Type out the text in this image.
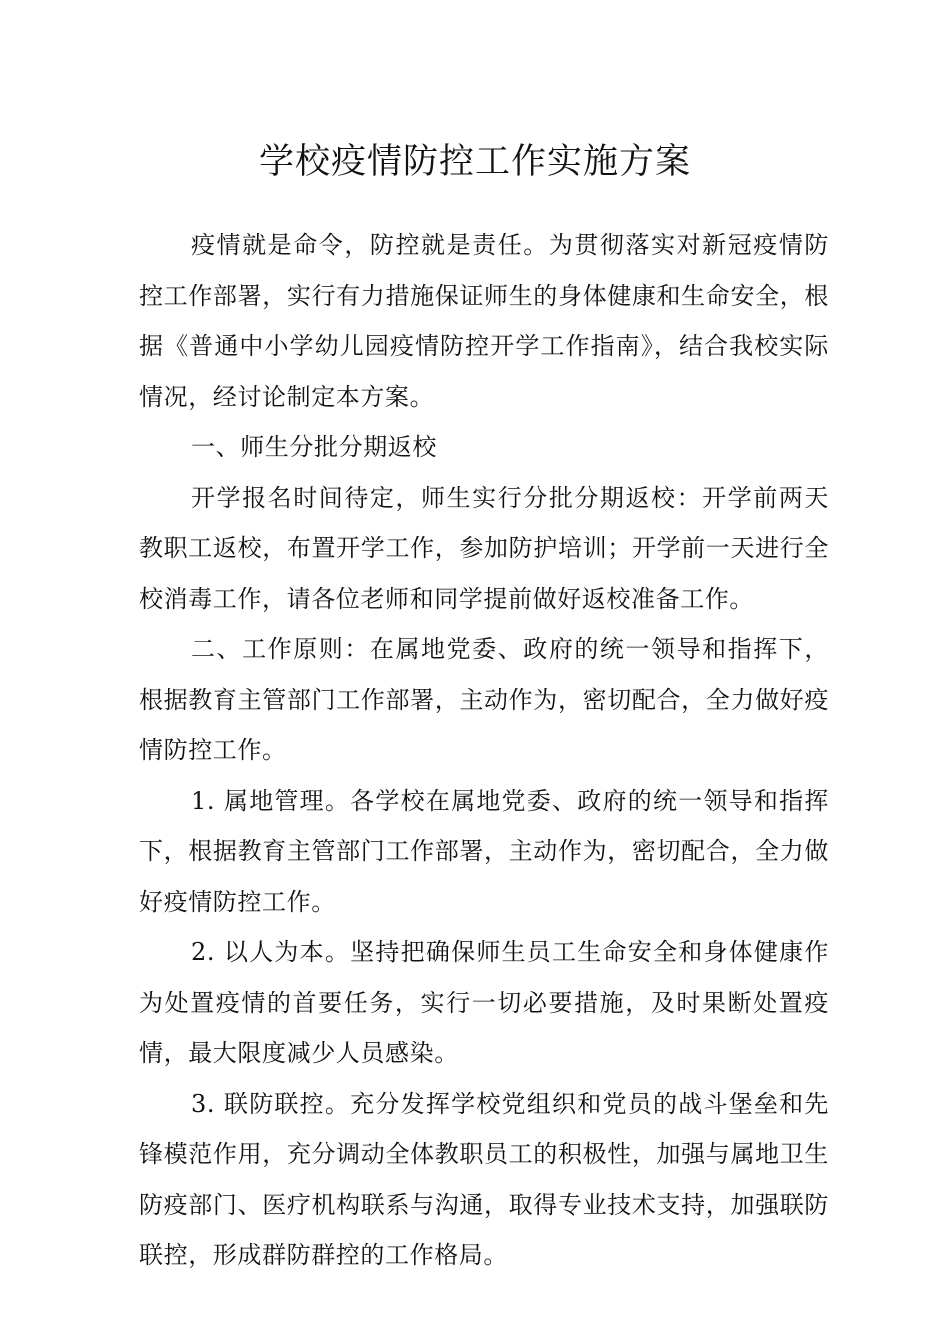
学校疫情防控工作实施方案

疫情就是命令，防控就是责任。为贯彻落实对新冠疫情防控工作部署，实行有力措施保证师生的身体健康和生命安全，根据《普通中小学幼儿园疫情防控开学工作指南》，结合我校实际情况，经讨论制定本方案。

一、师生分批分期返校

开学报名时间待定，师生实行分批分期返校：开学前两天教职工返校，布置开学工作，参加防护培训；开学前一天进行全校消毒工作，请各位老师和同学提前做好返校准备工作。

二、工作原则：在属地党委、政府的统一领导和指挥下，根据教育主管部门工作部署，主动作为，密切配合，全力做好疫情防控工作。

1. 属地管理。各学校在属地党委、政府的统一领导和指挥下，根据教育主管部门工作部署，主动作为，密切配合，全力做好疫情防控工作。

2. 以人为本。坚持把确保师生员工生命安全和身体健康作为处置疫情的首要任务，实行一切必要措施，及时果断处置疫情，最大限度减少人员感染。

3. 联防联控。充分发挥学校党组织和党员的战斗堡垒和先锋模范作用，充分调动全体教职员工的积极性，加强与属地卫生防疫部门、医疗机构联系与沟通，取得专业技术支持，加强联防联控，形成群防群控的工作格局。
